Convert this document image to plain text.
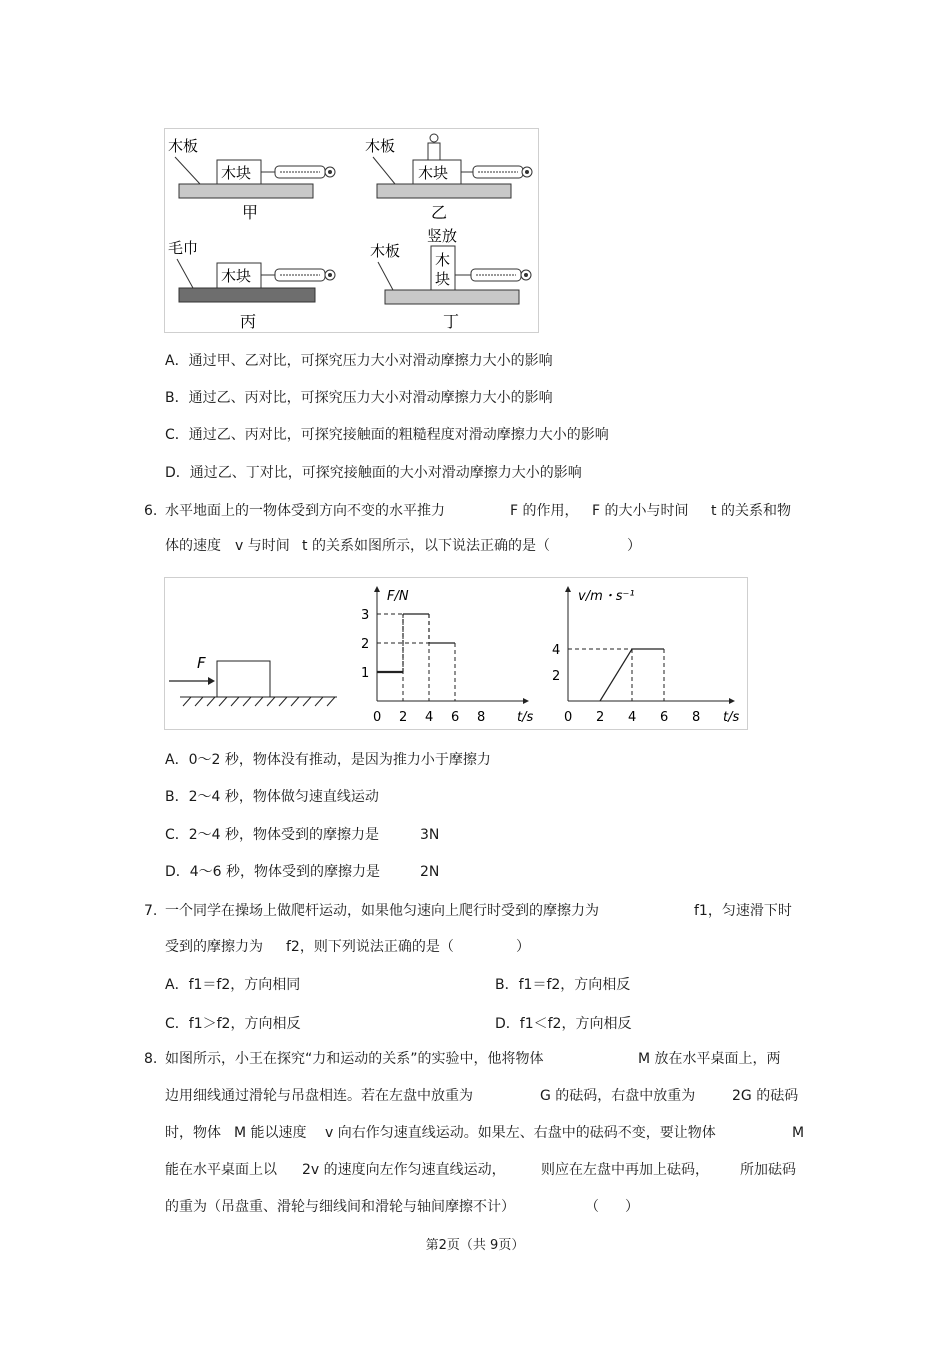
木板
木块
甲
木板
木块
乙
毛巾
木块
丙
竖放
木板 木
块
丁
A．通过甲、乙对比，可探究压力大小对滑动摩擦力大小的影响
B．通过乙、丙对比，可探究压力大小对滑动摩擦力大小的影响
C．通过乙、丙对比，可探究接触面的粗糙程度对滑动摩擦力大小的影响
D．通过乙、丁对比，可探究接触面的大小对滑动摩擦力大小的影响
6. 水平地面上的一物体受到方向不变的水平推力	F 的作用， F 的大小与时间 t 的关系和物
体的速度 v 与时间 t 的关系如图所示，以下说法正确的是（	）
F
F/N
t/s
0 2 4 6 8
1
2
3
v/m・s⁻¹
t/s
0 2 4 6 8
2
4
A．0～2 秒，物体没有推动，是因为推力小于摩擦力
B．2～4 秒，物体做匀速直线运动
C．2～4 秒，物体受到的摩擦力是	3N
D．4～6 秒，物体受到的摩擦力是	2N
7. 一个同学在操场上做爬杆运动，如果他匀速向上爬行时受到的摩擦力为	f1，匀速滑下时
受到的摩擦力为 f2，则下列说法正确的是（	）
A．f1＝f2，方向相同	B．f1＝f2，方向相反
C．f1＞f2，方向相反	D．f1＜f2，方向相反
8. 如图所示，小王在探究“力和运动的关系”的实验中，他将物体	M 放在水平桌面上，两
边用细线通过滑轮与吊盘相连。若在左盘中放重为	G 的砝码，右盘中放重为	2G 的砝码
时，物体 M 能以速度 v 向右作匀速直线运动。如果左、右盘中的砝码不变，要让物体	M
能在水平桌面上以 2v 的速度向左作匀速直线运动，	则应在左盘中再加上砝码， 所加砝码
的重为（吊盘重、滑轮与细线间和滑轮与轴间摩擦不计）	（ ）
第2页（共 9页）
